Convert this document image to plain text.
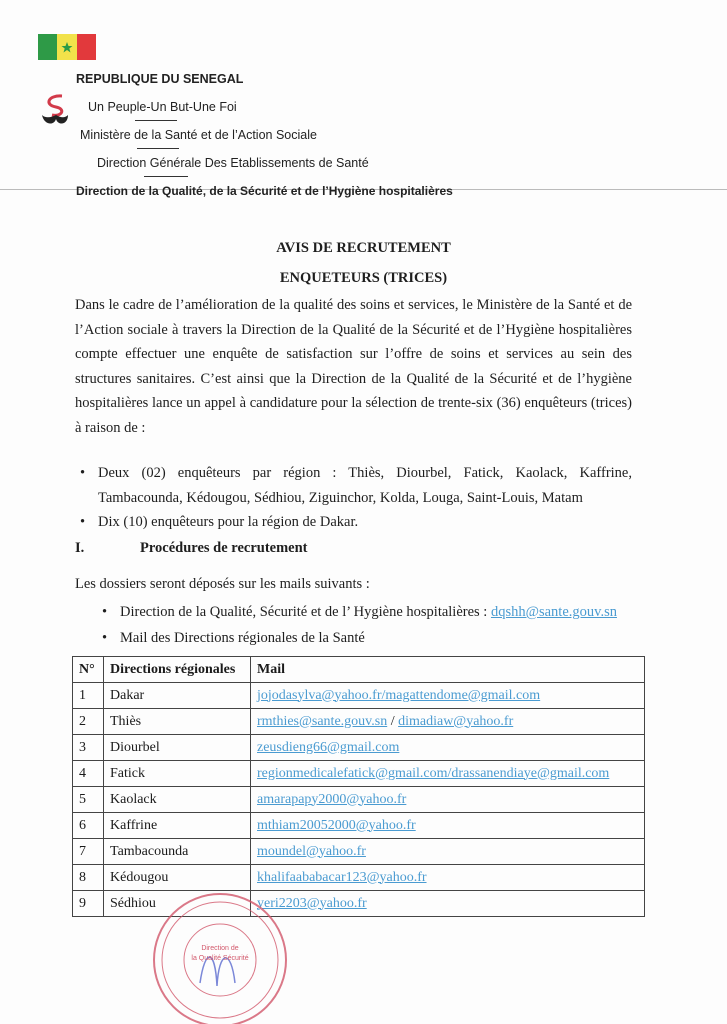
REPUBLIQUE DU SENEGAL
Un Peuple-Un But-Une Foi
Ministère de la Santé et de l’Action Sociale
Direction Générale Des Etablissements de Santé
Direction de la Qualité, de la Sécurité et de l’Hygiène hospitalières
AVIS DE RECRUTEMENT
ENQUETEURS (TRICES)
Dans le cadre de l’amélioration de la qualité des soins et services, le Ministère de la Santé et de l’Action sociale à travers la Direction de la Qualité de la Sécurité et de l’Hygiène hospitalières compte effectuer une enquête de satisfaction sur l’offre de soins et services au sein des structures sanitaires. C’est ainsi que la Direction de la Qualité de la Sécurité et de l’hygiène hospitalières lance un appel à candidature pour la sélection de trente-six (36) enquêteurs (trices) à raison de :
• Deux (02) enquêteurs par région : Thiès, Diourbel, Fatick, Kaolack, Kaffrine,
Tambacounda, Kédougou, Sédhiou, Ziguinchor, Kolda, Louga, Saint-Louis, Matam
• Dix (10) enquêteurs pour la région de Dakar.
I.	Procédures de recrutement
Les dossiers seront déposés sur les mails suivants :
• Direction de la Qualité, Sécurité et de l’ Hygiène hospitalières : dqshh@sante.gouv.sn
• Mail des Directions régionales de la Santé
N°	Directions régionales	Mail
1	Dakar	jojodasylva@yahoo.fr/magattendome@gmail.com
2	Thiès	rmthies@sante.gouv.sn / dimadiaw@yahoo.fr
3	Diourbel	zeusdieng66@gmail.com
4	Fatick	regionmedicalefatick@gmail.com/drassanendiaye@gmail.com
5	Kaolack	amarapapy2000@yahoo.fr
6	Kaffrine	mthiam20052000@yahoo.fr
7	Tambacounda	moundel@yahoo.fr
8	Kédougou	khalifaababacar123@yahoo.fr
9	Sédhiou	yeri2203@yahoo.fr
Direction de
la Qualité Sécurité
